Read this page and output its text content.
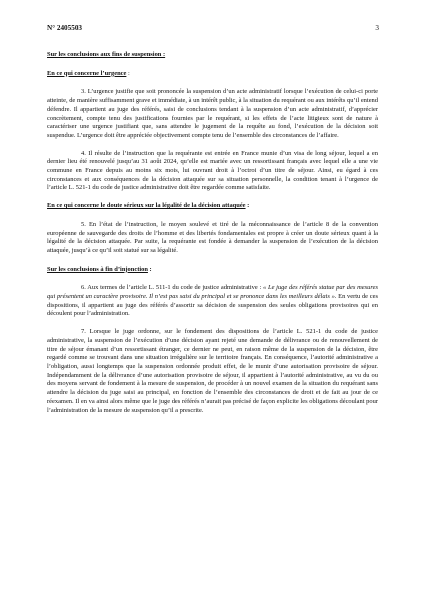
N° 2405503	3
Sur les conclusions aux fins de suspension :
En ce qui concerne l’urgence :

3. L’urgence justifie que soit prononcée la suspension d’un acte administratif lorsque l’exécution de celui-ci porte atteinte, de manière suffisamment grave et immédiate, à un intérêt public, à la situation du requérant ou aux intérêts qu’il entend défendre. Il appartient au juge des référés, saisi de conclusions tendant à la suspension d’un acte administratif, d’apprécier concrètement, compte tenu des justifications fournies par le requérant, si les effets de l’acte litigieux sont de nature à caractériser une urgence justifiant que, sans attendre le jugement de la requête au fond, l’exécution de la décision soit suspendue. L’urgence doit être appréciée objectivement compte tenu de l’ensemble des circonstances de l’affaire.

4. Il résulte de l’instruction que la requérante est entrée en France munie d’un visa de long séjour, lequel a en dernier lieu été renouvelé jusqu’au 31 août 2024, qu’elle est mariée avec un ressortissant français avec lequel elle a une vie commune en France depuis au moins six mois, lui ouvrant droit à l’octroi d’un titre de séjour. Ainsi, eu égard à ces circonstances et aux conséquences de la décision attaquée sur sa situation personnelle, la condition tenant à l’urgence de l’article L. 521-1 du code de justice administrative doit être regardée comme satisfaite.

En ce qui concerne le doute sérieux sur la légalité de la décision attaquée :

5. En l’état de l’instruction, le moyen soulevé et tiré de la méconnaissance de l’article 8 de la convention européenne de sauvegarde des droits de l’homme et des libertés fondamentales est propre à créer un doute sérieux quant à la légalité de la décision attaquée. Par suite, la requérante est fondée à demander la suspension de l’exécution de la décision attaquée, jusqu’à ce qu’il soit statué sur sa légalité.

Sur les conclusions à fin d’injonction :

6. Aux termes de l’article L. 511-1 du code de justice administrative : « Le juge des référés statue par des mesures qui présentent un caractère provisoire. Il n’est pas saisi du principal et se prononce dans les meilleurs délais ». En vertu de ces dispositions, il appartient au juge des référés d’assortir sa décision de suspension des seules obligations provisoires qui en découlent pour l’administration.

7. Lorsque le juge ordonne, sur le fondement des dispositions de l’article L. 521-1 du code de justice administrative, la suspension de l’exécution d’une décision ayant rejeté une demande de délivrance ou de renouvellement de titre de séjour émanant d’un ressortissant étranger, ce dernier ne peut, en raison même de la suspension de la décision, être regardé comme se trouvant dans une situation irrégulière sur le territoire français. En conséquence, l’autorité administrative a l’obligation, aussi longtemps que la suspension ordonnée produit effet, de le munir d’une autorisation provisoire de séjour. Indépendamment de la délivrance d’une autorisation provisoire de séjour, il appartient à l’autorité administrative, au vu du ou des moyens servant de fondement à la mesure de suspension, de procéder à un nouvel examen de la situation du requérant sans attendre la décision du juge saisi au principal, en fonction de l’ensemble des circonstances de droit et de fait au jour de ce réexamen. Il en va ainsi alors même que le juge des référés n’aurait pas précisé de façon explicite les obligations découlant pour l’administration de la mesure de suspension qu’il a prescrite.
